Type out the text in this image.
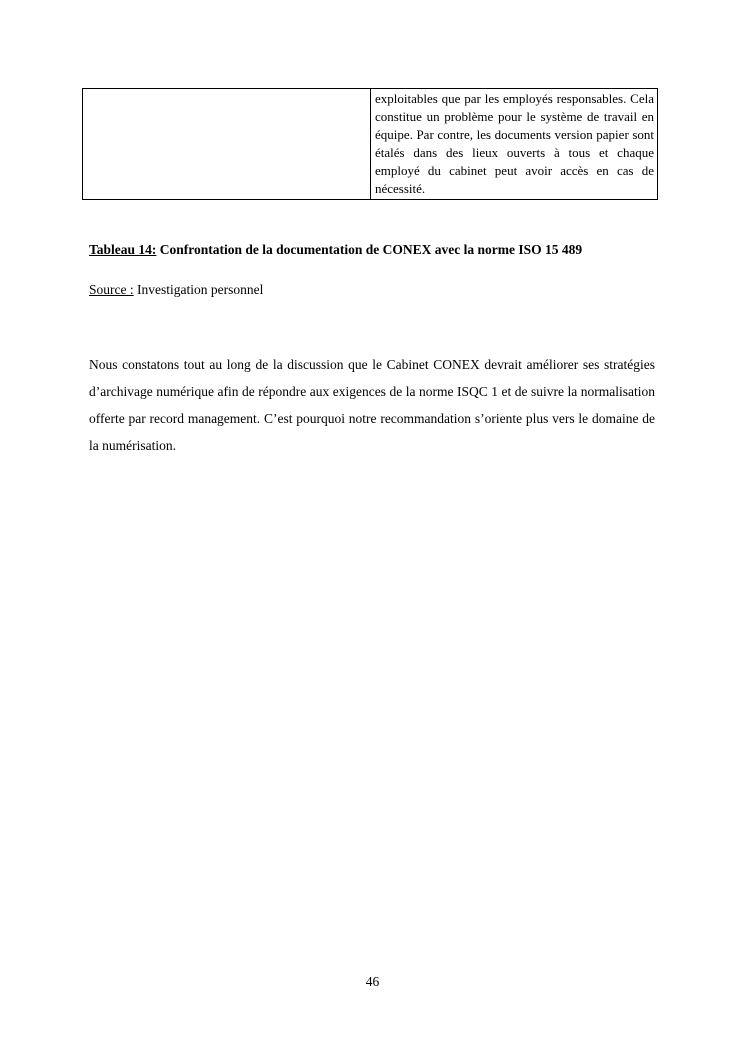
	exploitables que par les employés responsables. Cela constitue un problème pour le système de travail en équipe. Par contre, les documents version papier sont étalés dans des lieux ouverts à tous et chaque employé du cabinet peut avoir accès en cas de nécessité.
Tableau 14: Confrontation de la documentation de CONEX avec la norme ISO 15 489
Source : Investigation personnel

Nous constatons tout au long de la discussion que le Cabinet CONEX devrait améliorer ses stratégies d’archivage numérique afin de répondre aux exigences de la norme ISQC 1 et de suivre la normalisation offerte par record management. C’est pourquoi notre recommandation s’oriente plus vers le domaine de la numérisation.

46
